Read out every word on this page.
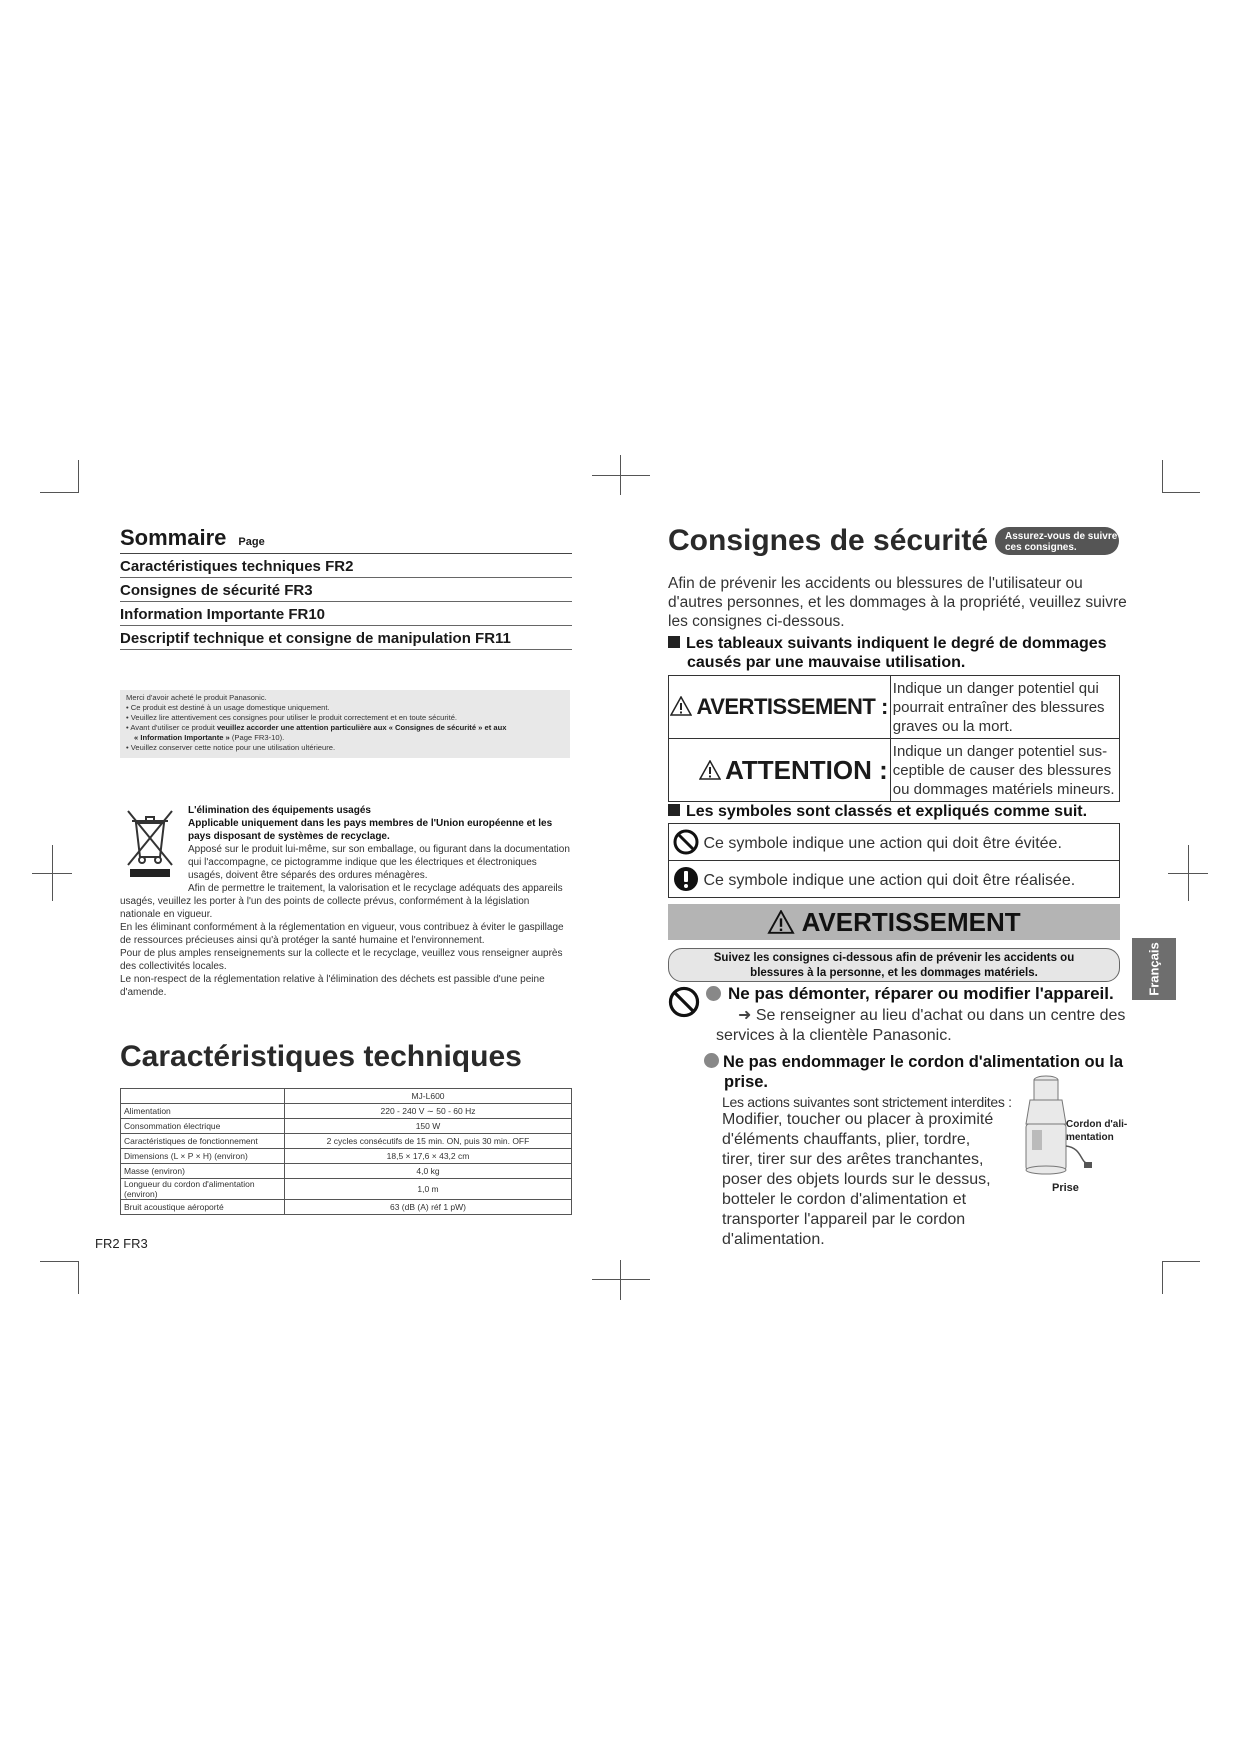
Sommaire Page
Caractéristiques techniques FR2
Consignes de sécurité FR3
Information Importante FR10
Descriptif technique et consigne de manipulation FR11
Merci d'avoir acheté le produit Panasonic.
• Ce produit est destiné à un usage domestique uniquement.
• Veuillez lire attentivement ces consignes pour utiliser le produit correctement et en toute sécurité.
• Avant d'utiliser ce produit veuillez accorder une attention particulière aux « Consignes de sécurité » et aux
« Information Importante » (Page FR3-10).
• Veuillez conserver cette notice pour une utilisation ultérieure.
L'élimination des équipements usagés
Applicable uniquement dans les pays membres de l'Union européenne et les pays disposant de systèmes de recyclage.
Apposé sur le produit lui-même, sur son emballage, ou figurant dans la documentation qui l'accompagne, ce pictogramme indique que les électriques et électroniques usagés, doivent être séparés des ordures ménagères.
Afin de permettre le traitement, la valorisation et le recyclage adéquats des appareils
usagés, veuillez les porter à l'un des points de collecte prévus, conformément à la législation nationale en vigueur.
En les éliminant conformément à la réglementation en vigueur, vous contribuez à éviter le gaspillage de ressources précieuses ainsi qu'à protéger la santé humaine et l'environnement.
Pour de plus amples renseignements sur la collecte et le recyclage, veuillez vous renseigner auprès des collectivités locales.
Le non-respect de la réglementation relative à l'élimination des déchets est passible d'une peine d'amende.
Caractéristiques techniques
	MJ-L600
Alimentation	220 - 240 V ∼ 50 - 60 Hz
Consommation électrique	150 W
Caractéristiques de fonctionnement	2 cycles consécutifs de 15 min. ON, puis 30 min. OFF
Dimensions (L × P × H) (environ)	18,5 × 17,6 × 43,2 cm
Masse (environ)	4,0 kg
Longueur du cordon d'alimentation (environ)	1,0 m
Bruit acoustique aéroporté	63 (dB (A) réf 1 pW)
FR2 FR3
Consignes de sécurité Assurez-vous de suivre
ces consignes.
Afin de prévenir les accidents ou blessures de l'utilisateur ou d'autres personnes, et les dommages à la propriété, veuillez suivre les consignes ci-dessous.
Les tableaux suivants indiquent le degré de dommages
causés par une mauvaise utilisation.
AVERTISSEMENT :	Indique un danger potentiel qui
pourrait entraîner des blessures
graves ou la mort.

ATTENTION :	Indique un danger potentiel sus-
ceptible de causer des blessures
ou dommages matériels mineurs.
Les symboles sont classés et expliqués comme suit.
Ce symbole indique une action qui doit être évitée.
Ce symbole indique une action qui doit être réalisée.
AVERTISSEMENT
Suivez les consignes ci-dessous afin de prévenir les accidents ou
blessures à la personne, et les dommages matériels.	Français
Ne pas démonter, réparer ou modifier l'appareil.
➜ Se renseigner au lieu d'achat ou dans un centre des services à la clientèle Panasonic.
Ne pas endommager le cordon d'alimentation ou la prise.
Les actions suivantes sont strictement interdites :
Modifier, toucher ou placer à proximité d'éléments chauffants, plier, tordre, tirer, tirer sur des arêtes tranchantes, poser des objets lourds sur le dessus, botteler le cordon d'alimentation et transporter l'appareil par le cordon d'alimentation.
Cordon d'ali-
mentation
Prise
